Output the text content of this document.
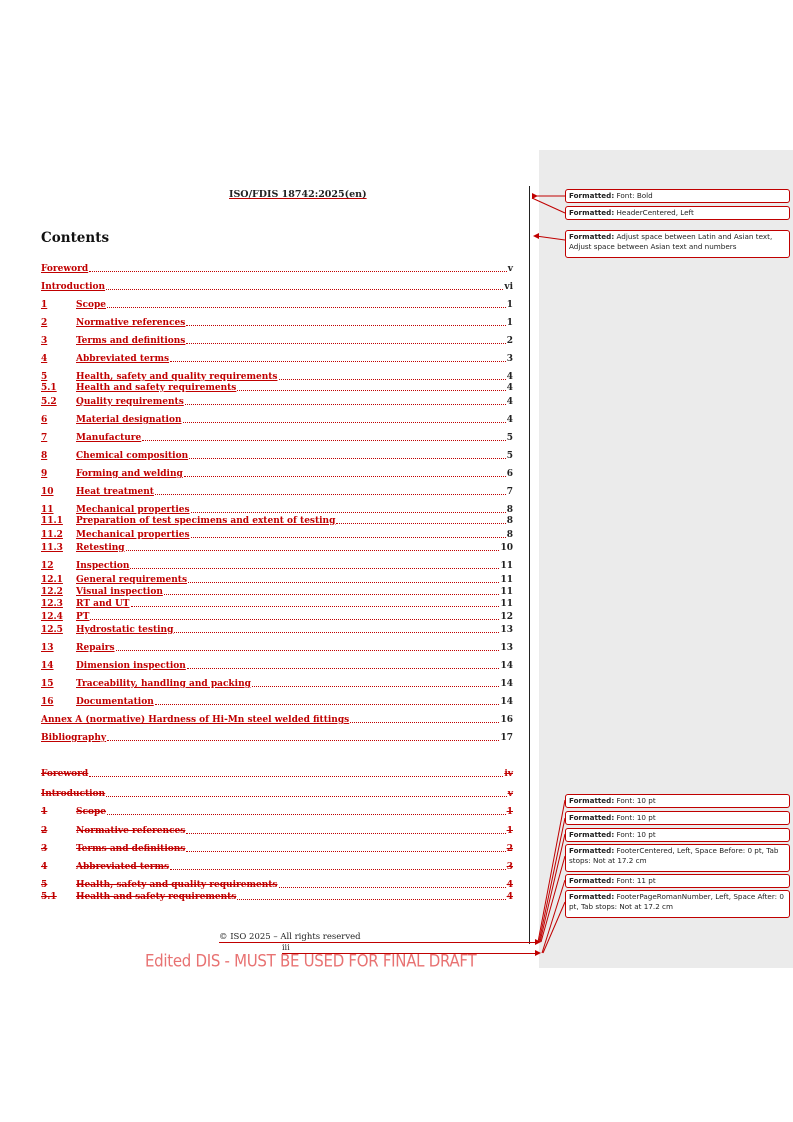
ISO/FDIS 18742:2025(en)
Contents
Foreword	v
Introduction	vi
1	Scope	1
2	Normative references	1
3	Terms and definitions	2
4	Abbreviated terms	3
5	Health, safety and quality requirements	4
5.1	Health and safety requirements	4
5.2	Quality requirements	4
6	Material designation	4
7	Manufacture	5
8	Chemical composition	5
9	Forming and welding	6
10	Heat treatment	7
11	Mechanical properties	8
11.1	Preparation of test specimens and extent of testing	8
11.2	Mechanical properties	8
11.3	Retesting	10
12	Inspection	11
12.1	General requirements	11
12.2	Visual inspection	11
12.3	RT and UT	11
12.4	PT	12
12.5	Hydrostatic testing	13
13	Repairs	13
14	Dimension inspection	14
15	Traceability, handling and packing	14
16	Documentation	14
Annex A (normative) Hardness of Hi-Mn steel welded fittings	16
Bibliography	17
Foreword	iv
Introduction	v
1	Scope	1
2	Normative references	1
3	Terms and definitions	2
4	Abbreviated terms	3
5	Health, safety and quality requirements	4
5.1	Health and safety requirements	4
© ISO 2025 – All rights reserved
iii
Edited DIS - MUST BE USED FOR FINAL DRAFT
Formatted: Font: Bold
Formatted: HeaderCentered, Left
Formatted: Adjust space between Latin and Asian text, Adjust space between Asian text and numbers
Formatted: Font: 10 pt
Formatted: Font: 10 pt
Formatted: Font: 10 pt
Formatted: FooterCentered, Left, Space Before: 0 pt, Tab stops: Not at 17.2 cm
Formatted: Font: 11 pt
Formatted: FooterPageRomanNumber, Left, Space After: 0 pt, Tab stops: Not at 17.2 cm
